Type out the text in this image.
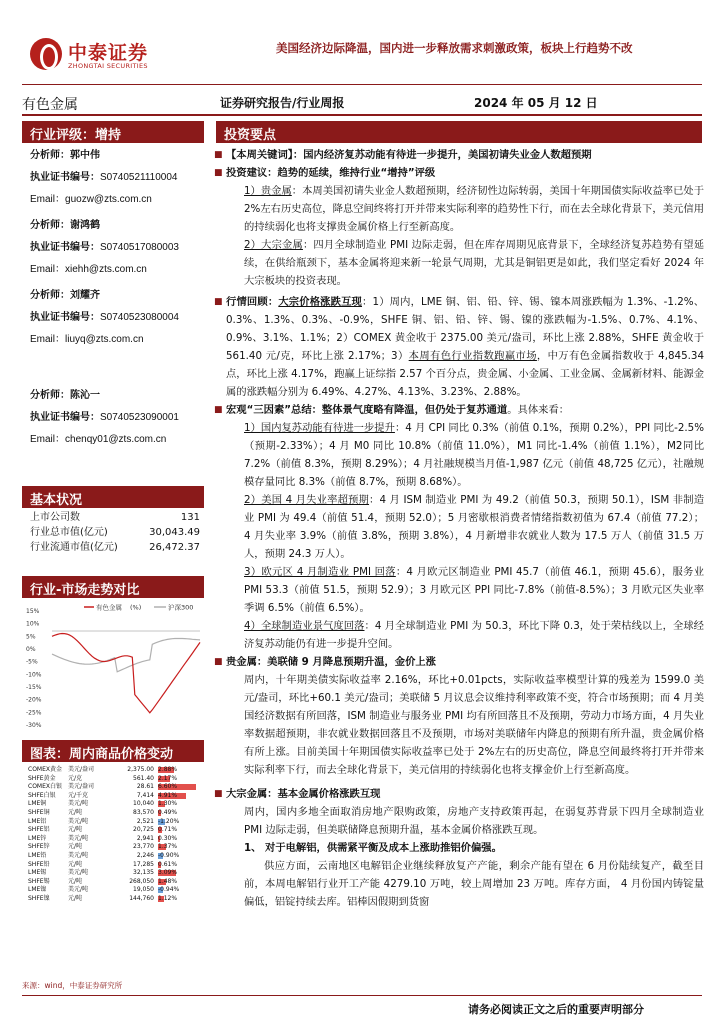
中泰证券
ZHONGTAI SECURITIES
美国经济边际降温，国内进一步释放需求刺激政策，板块上行趋势不改
有色金属	证券研究报告/行业周报	2024 年 05 月 12 日
行业评级：增持
分析师：郭中伟
执业证书编号：S0740521110004
Email：guozw@zts.com.cn
分析师：谢鸿鹤
执业证书编号：S0740517080003
Email：xiehh@zts.com.cn
分析师：刘耀齐
执业证书编号：S0740523080004
Email：liuyq@zts.com.cn
分析师：陈沁一
执业证书编号：S0740523090001
Email：chenqy01@zts.com.cn
基本状况
上市公司数	131
行业总市值(亿元)	30,043.49
行业流通市值(亿元)	26,472.37
行业-市场走势对比
15%
10%
5%
0%
-5%
-10%
-15%
-20%
-25%
-30%
有色金属 (%)	沪深300
图表：周内商品价格变动
COMEX黄金	美元/盎司	2,375.00 2.88%
SHFE黄金	元/克	561.40 2.17%
COMEX白银	美元/盎司	28.61 6.60%
SHFE白银	元/千克	7,414 4.91%
LME铜	美元/吨	10,040 1.30%
SHFE铜	元/吨	83,570 0.49%
LME铝	美元/吨	2,521 -1.20%
SHFE铝	元/吨	20,725 0.71%
LME锌	美元/吨	2,941 0.30%
SHFE锌	元/吨	23,770 1.37%
LME铅	美元/吨	2,246 -0.90%
SHFE铅	元/吨	17,285 0.61%
LME锡	美元/吨	32,135 3.09%
SHFE锡	元/吨	268,050 1.48%
LME镍	美元/吨	19,050 -0.94%
SHFE镍	元/吨	144,760 1.12%
来源：wind，中泰证券研究所
投资要点
■ 【本周关键词】：国内经济复苏动能有待进一步提升，美国初请失业金人数超预期
■ 投资建议：趋势的延续，维持行业“增持”评级
1）贵金属：本周美国初请失业金人数超预期，经济韧性边际转弱，美国十年期国债实际收益率已处于 2%左右历史高位，降息空间终将打开并带来实际利率的趋势性下行，而在去全球化背景下，美元信用的持续弱化也将支撑贵金属价格上行至新高度。
2）大宗金属：四月全球制造业 PMI 边际走弱，但在库存周期见底背景下，全球经济复苏趋势有望延续，在供给瓶颈下，基本金属将迎来新一轮景气周期，尤其是铜铝更是如此，我们坚定看好 2024 年大宗板块的投资表现。
■ 行情回顾：大宗价格涨跌互现：1）周内，LME 铜、铝、铅、锌、锡、镍本周涨跌幅为 1.3%、-1.2%、0.3%、1.3%、0.3%、-0.9%，SHFE 铜、铝、铅、锌、锡、镍的涨跌幅为-1.5%、0.7%、4.1%、0.9%、3.1%、1.1%；2）COMEX 黄金收于 2375.00 美元/盎司，环比上涨 2.88%，SHFE 黄金收于 561.40 元/克，环比上涨 2.17%；3）本周有色行业指数跑赢市场，中万有色金属指数收于 4,845.34 点，环比上涨 4.17%，跑赢上证综指 2.57 个百分点，贵金属、小金属、工业金属、金属新材料、能源金属的涨跌幅分别为 6.49%、4.27%、4.13%、3.23%、2.88%。
■ 宏观“三因素”总结：整体景气度略有降温，但仍处于复苏通道。具体来看：
1）国内复苏动能有待进一步提升：4 月 CPI 同比 0.3%（前值 0.1%，预期 0.2%），PPI 同比-2.5%（预期-2.33%）；4 月 M0 同比 10.8%（前值 11.0%），M1 同比-1.4%（前值 1.1%），M2同比 7.2%（前值 8.3%，预期 8.29%）；4 月社融规模当月值-1,987 亿元（前值 48,725 亿元），社融规模存量同比 8.3%（前值 8.7%，预期 8.68%）。
2）美国 4 月失业率超预期：4 月 ISM 制造业 PMI 为 49.2（前值 50.3，预期 50.1），ISM 非制造业 PMI 为 49.4（前值 51.4，预期 52.0）；5 月密歇根消费者情绪指数初值为 67.4（前值 77.2）；4 月失业率 3.9%（前值 3.8%，预期 3.8%），4 月新增非农就业人数为 17.5 万人（前值 31.5 万人，预期 24.3 万人）。
3）欧元区 4 月制造业 PMI 回落：4 月欧元区制造业 PMI 45.7（前值 46.1，预期 45.6），服务业 PMI 53.3（前值 51.5，预期 52.9）；3 月欧元区 PPI 同比-7.8%（前值-8.5%）；3 月欧元区失业率季调 6.5%（前值 6.5%）。
4）全球制造业景气度回落：4 月全球制造业 PMI 为 50.3，环比下降 0.3，处于荣枯线以上，全球经济复苏动能仍有进一步提升空间。
■ 贵金属：美联储 9 月降息预期升温，金价上涨
周内，十年期美债实际收益率 2.16%，环比+0.01pcts，实际收益率模型计算的残差为 1599.0 美元/盎司，环比+60.1 美元/盎司；美联储 5 月议息会议维持利率政策不变，符合市场预期；而 4 月美国经济数据有所回落，ISM 制造业与服务业 PMI 均有所回落且不及预期，劳动力市场方面，4 月失业率数据超预期，非农就业数据回落且不及预期，市场对美联储年内降息的预期有所升温，贵金属价格有所上涨。目前美国十年期国债实际收益率已处于 2%左右的历史高位，降息空间最终将打开并带来实际利率下行，而去全球化背景下，美元信用的持续弱化也将支撑金价上行至新高度。
■ 大宗金属：基本金属价格涨跌互现
周内，国内多地全面取消房地产限购政策，房地产支持政策再起，在弱复苏背景下四月全球制造业 PMI 边际走弱，但美联储降息预期升温，基本金属价格涨跌互现。
1、 对于电解铝，供需紧平衡及成本上涨助推铝价偏强。
供应方面，云南地区电解铝企业继续释放复产产能，剩余产能有望在 6 月份陆续复产，截至目前，本周电解铝行业开工产能 4279.10 万吨，较上周增加 23 万吨。库存方面， 4 月份国内铸锭量偏低，铝锭持续去库。铝棒因假期到货窗
请务必阅读正文之后的重要声明部分
